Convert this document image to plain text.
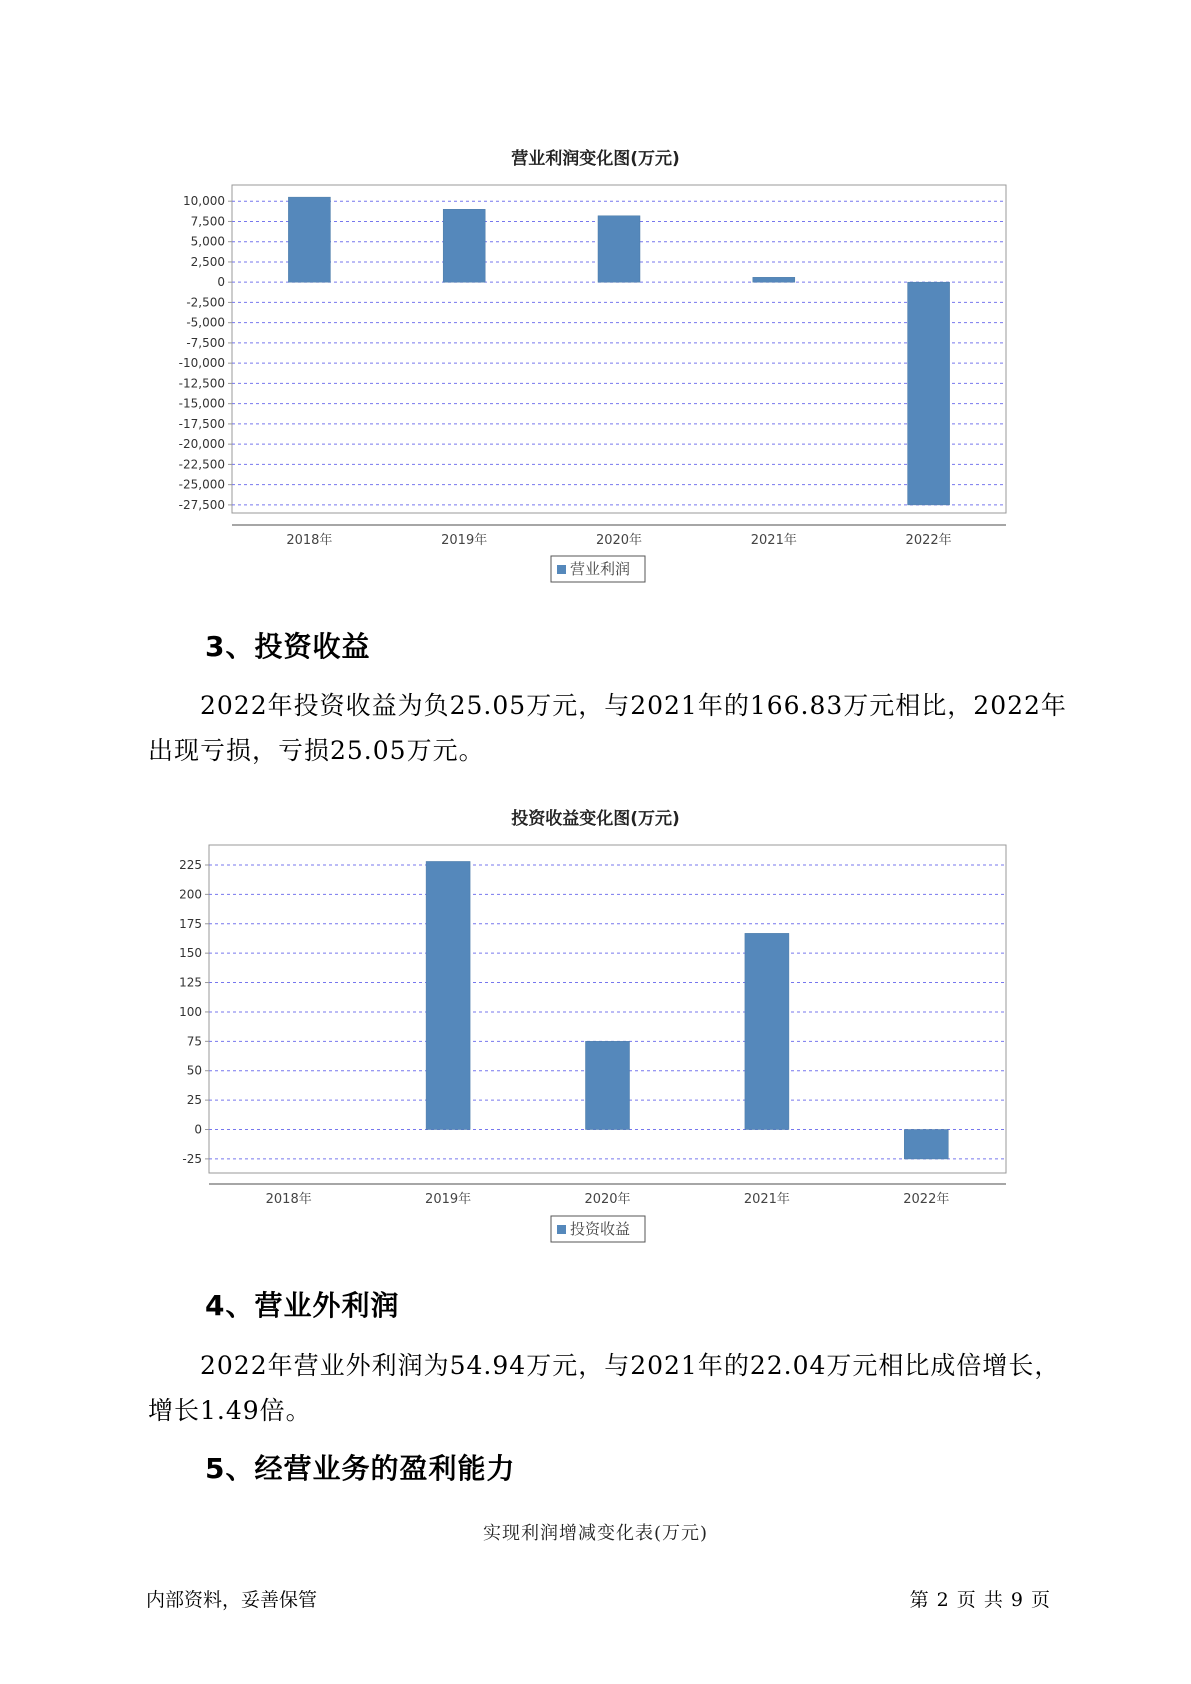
营业利润变化图(万元)
10,000
7,500
5,000
2,500
0
-2,500
-5,000
-7,500
-10,000
-12,500
-15,000
-17,500
-20,000
-22,500
-25,000
-27,500
2018年	2019年	2020年	2021年	2022年
营业利润
3、投资收益

2022年投资收益为负25.05万元，与2021年的166.83万元相比，2022年出现亏损，亏损25.05万元。

投资收益变化图(万元)
225
200
175
150
125
100
75
50
25
0
-25
2018年	2019年	2020年	2021年	2022年
投资收益
4、营业外利润

2022年营业外利润为54.94万元，与2021年的22.04万元相比成倍增长，增长1.49倍。

5、经营业务的盈利能力
实现利润增减变化表(万元)
内部资料，妥善保管	第 2 页 共 9 页
